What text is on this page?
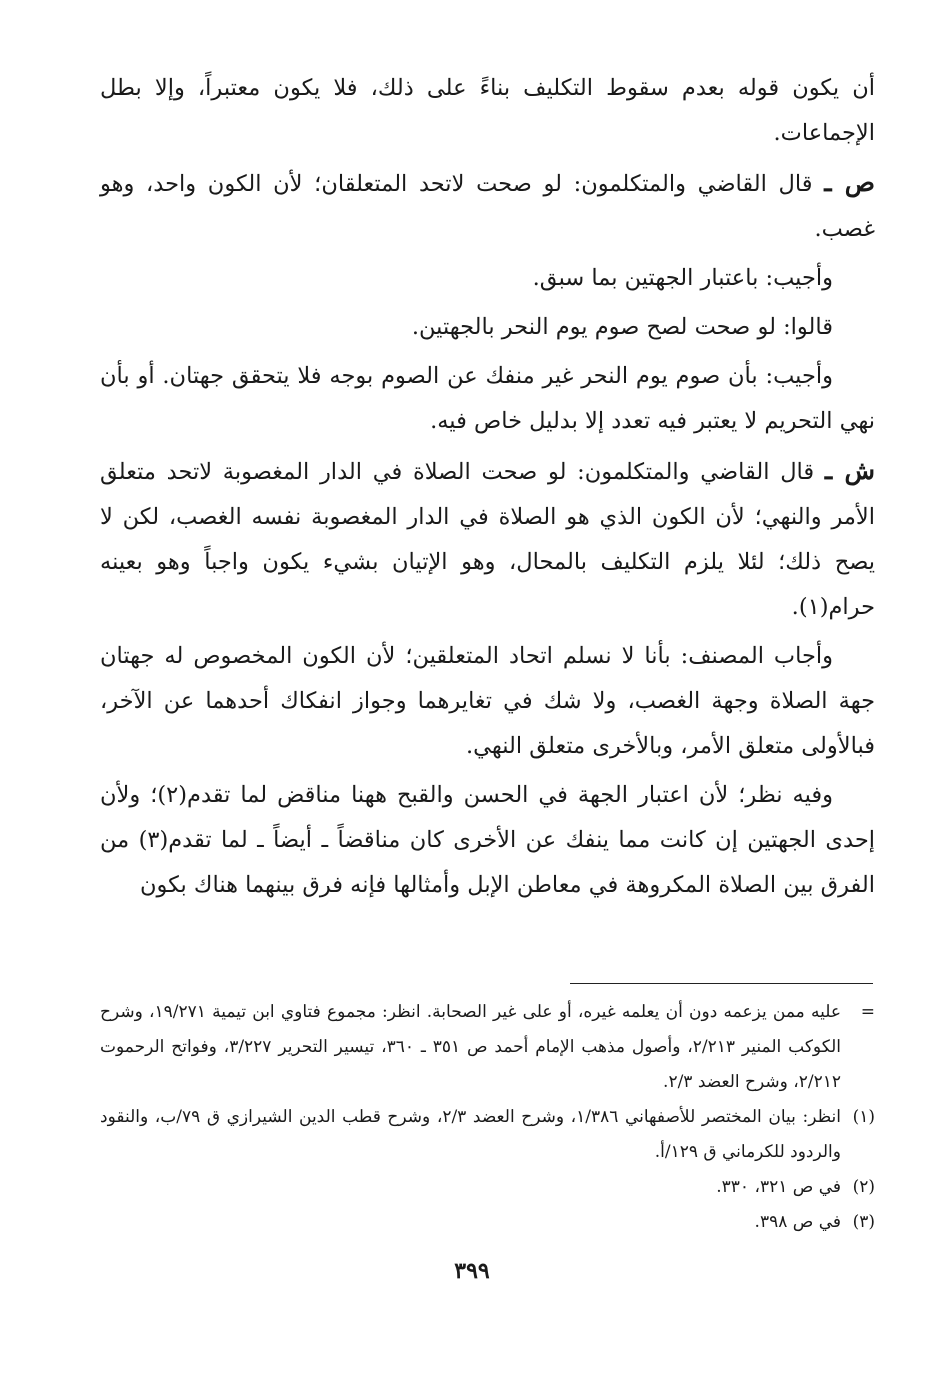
أن يكون قوله بعدم سقوط التكليف بناءً على ذلك، فلا يكون معتبراً، وإلا بطل الإجماعات.

ص ـ قال القاضي والمتكلمون: لو صحت لاتحد المتعلقان؛ لأن الكون واحد، وهو غصب.

وأجيب: باعتبار الجهتين بما سبق.

قالوا: لو صحت لصح صوم يوم النحر بالجهتين.

وأجيب: بأن صوم يوم النحر غير منفك عن الصوم بوجه فلا يتحقق جهتان. أو بأن نهي التحريم لا يعتبر فيه تعدد إلا بدليل خاص فيه.

ش ـ قال القاضي والمتكلمون: لو صحت الصلاة في الدار المغصوبة لاتحد متعلق الأمر والنهي؛ لأن الكون الذي هو الصلاة في الدار المغصوبة نفسه الغصب، لكن لا يصح ذلك؛ لئلا يلزم التكليف بالمحال، وهو الإتيان بشيء يكون واجباً وهو بعينه حرام(١).

وأجاب المصنف: بأنا لا نسلم اتحاد المتعلقين؛ لأن الكون المخصوص له جهتان جهة الصلاة وجهة الغصب، ولا شك في تغايرهما وجواز انفكاك أحدهما عن الآخر، فبالأولى متعلق الأمر، وبالأخرى متعلق النهي.

وفيه نظر؛ لأن اعتبار الجهة في الحسن والقبح ههنا مناقض لما تقدم(٢)؛ ولأن إحدى الجهتين إن كانت مما ينفك عن الأخرى كان مناقضاً ـ أيضاً ـ لما تقدم(٣) من الفرق بين الصلاة المكروهة في معاطن الإبل وأمثالها فإنه فرق بينهما هناك بكون

=
عليه ممن يزعمه دون أن يعلمه غيره، أو على غير الصحابة. انظر: مجموع فتاوي ابن تيمية ١٩/٢٧١، وشرح الكوكب المنير ٢/٢١٣، وأصول مذهب الإمام أحمد ص ٣٥١ ـ ٣٦٠، تيسير التحرير ٣/٢٢٧، وفواتح الرحموت ٢/٢١٢، وشرح العضد ٢/٣.

(١)
انظر: بيان المختصر للأصفهاني ١/٣٨٦، وشرح العضد ٢/٣، وشرح قطب الدين الشيرازي ق ٧٩/ب، والنقود والردود للكرماني ق ١٢٩/أ.

(٢)
في ص ٣٢١، ٣٣٠.

(٣)
في ص ٣٩٨.

٣٩٩
